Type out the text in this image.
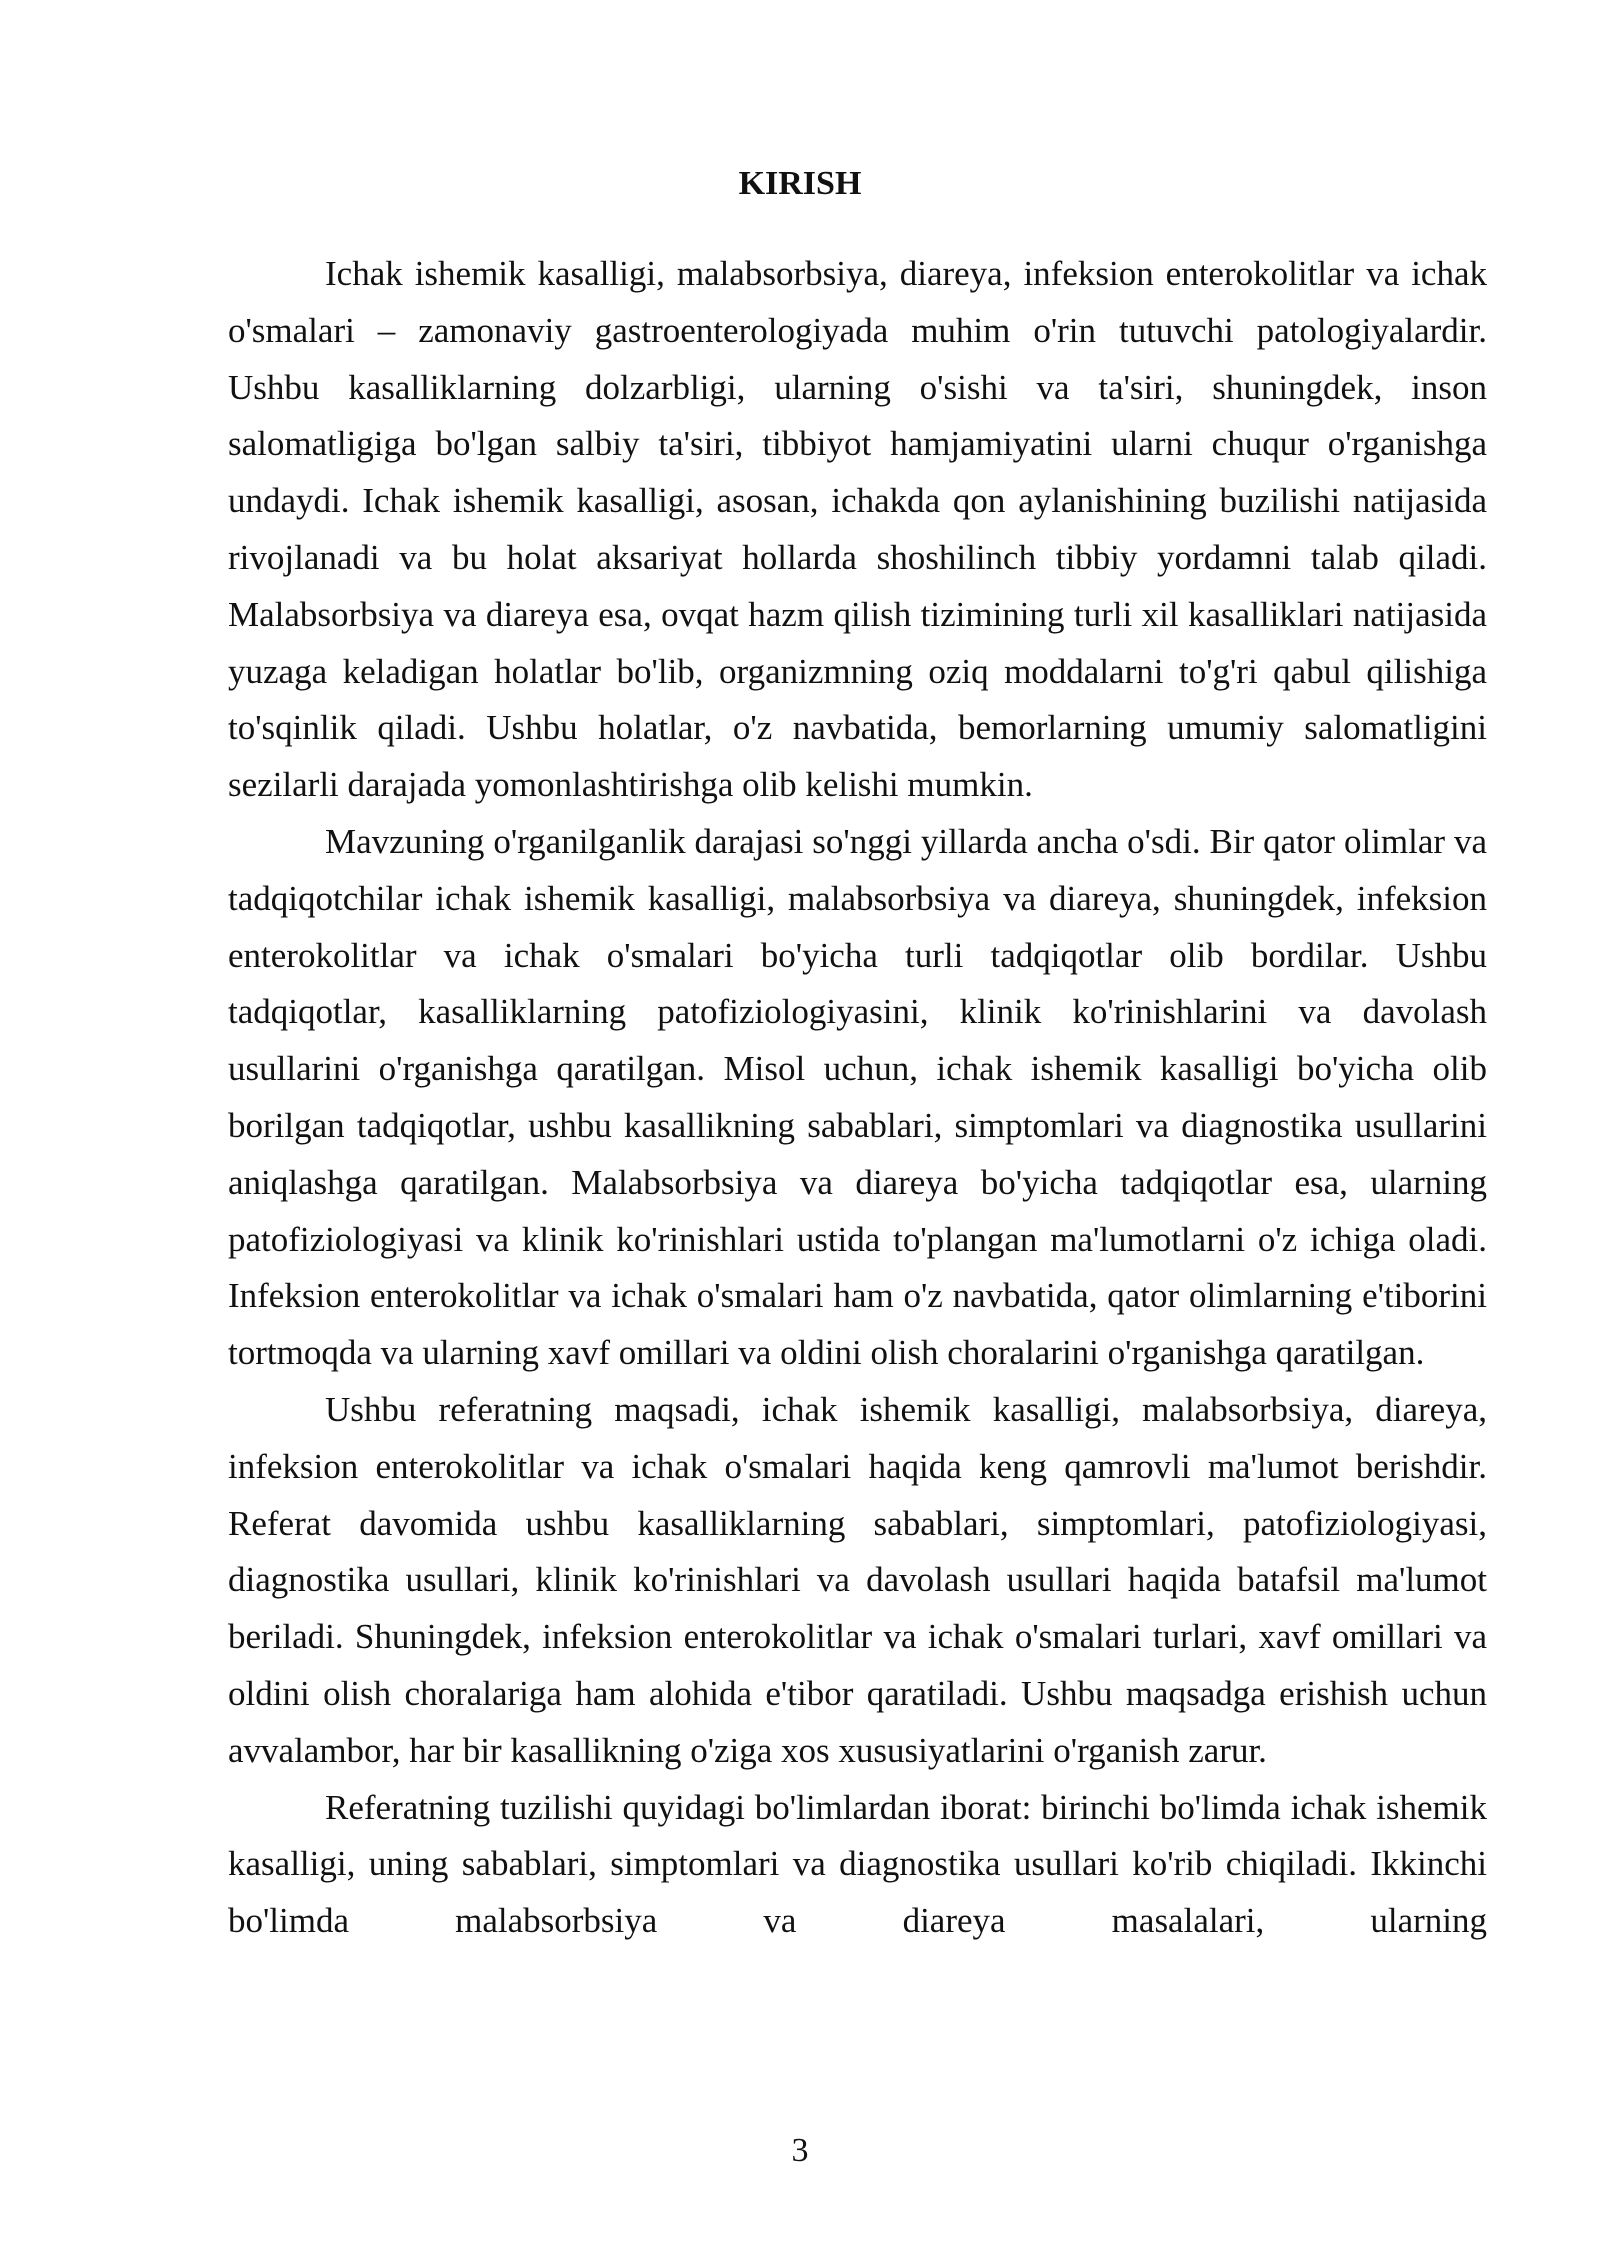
KIRISH

Ichak ishemik kasalligi, malabsorbsiya, diareya, infeksion enterokolitlar va ichak o'smalari – zamonaviy gastroenterologiyada muhim o'rin tutuvchi patologiyalardir. Ushbu kasalliklarning dolzarbligi, ularning o'sishi va ta'siri, shuningdek, inson salomatligiga bo'lgan salbiy ta'siri, tibbiyot hamjamiyatini ularni chuqur o'rganishga undaydi. Ichak ishemik kasalligi, asosan, ichakda qon aylanishining buzilishi natijasida rivojlanadi va bu holat aksariyat hollarda shoshilinch tibbiy yordamni talab qiladi. Malabsorbsiya va diareya esa, ovqat hazm qilish tizimining turli xil kasalliklari natijasida yuzaga keladigan holatlar bo'lib, organizmning oziq moddalarni to'g'ri qabul qilishiga to'sqinlik qiladi. Ushbu holatlar, o'z navbatida, bemorlarning umumiy salomatligini sezilarli darajada yomonlashtirishga olib kelishi mumkin.

Mavzuning o'rganilganlik darajasi so'nggi yillarda ancha o'sdi. Bir qator olimlar va tadqiqotchilar ichak ishemik kasalligi, malabsorbsiya va diareya, shuningdek, infeksion enterokolitlar va ichak o'smalari bo'yicha turli tadqiqotlar olib bordilar. Ushbu tadqiqotlar, kasalliklarning patofiziologiyasini, klinik ko'rinishlarini va davolash usullarini o'rganishga qaratilgan. Misol uchun, ichak ishemik kasalligi bo'yicha olib borilgan tadqiqotlar, ushbu kasallikning sabablari, simptomlari va diagnostika usullarini aniqlashga qaratilgan. Malabsorbsiya va diareya bo'yicha tadqiqotlar esa, ularning patofiziologiyasi va klinik ko'rinishlari ustida to'plangan ma'lumotlarni o'z ichiga oladi. Infeksion enterokolitlar va ichak o'smalari ham o'z navbatida, qator olimlarning e'tiborini tortmoqda va ularning xavf omillari va oldini olish choralarini o'rganishga qaratilgan.

Ushbu referatning maqsadi, ichak ishemik kasalligi, malabsorbsiya, diareya, infeksion enterokolitlar va ichak o'smalari haqida keng qamrovli ma'lumot berishdir. Referat davomida ushbu kasalliklarning sabablari, simptomlari, patofiziologiyasi, diagnostika usullari, klinik ko'rinishlari va davolash usullari haqida batafsil ma'lumot beriladi. Shuningdek, infeksion enterokolitlar va ichak o'smalari turlari, xavf omillari va oldini olish choralariga ham alohida e'tibor qaratiladi. Ushbu maqsadga erishish uchun avvalambor, har bir kasallikning o'ziga xos xususiyatlarini o'rganish zarur.

Referatning tuzilishi quyidagi bo'limlardan iborat: birinchi bo'limda ichak ishemik kasalligi, uning sabablari, simptomlari va diagnostika usullari ko'rib chiqiladi. Ikkinchi bo'limda malabsorbsiya va diareya masalalari, ularning

3
